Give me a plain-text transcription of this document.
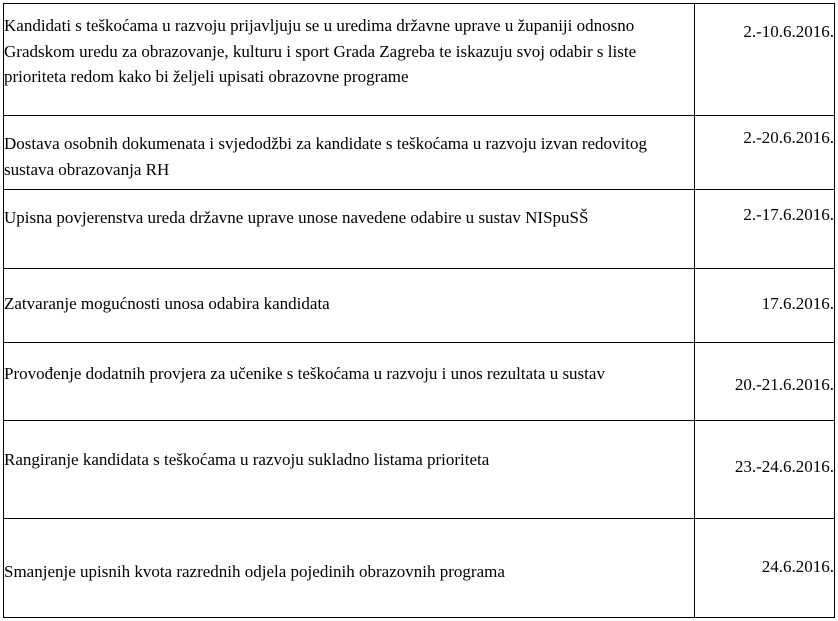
Kandidati s teškoćama u razvoju prijavljuju se u uredima državne uprave u županiji odnosno Gradskom uredu za obrazovanje, kulturu i sport Grada Zagreba te iskazuju svoj odabir s liste prioriteta redom kako bi željeli upisati obrazovne programe	2.-10.6.2016.
Dostava osobnih dokumenata i svjedodžbi za kandidate s teškoćama u razvoju izvan redovitog sustava obrazovanja RH	2.-20.6.2016.
Upisna povjerenstva ureda državne uprave unose navedene odabire u sustav NISpuSŠ	2.-17.6.2016.
Zatvaranje mogućnosti unosa odabira kandidata	17.6.2016.
Provođenje dodatnih provjera za učenike s teškoćama u razvoju i unos rezultata u sustav	20.-21.6.2016.
Rangiranje kandidata s teškoćama u razvoju sukladno listama prioriteta	23.-24.6.2016.
Smanjenje upisnih kvota razrednih odjela pojedinih obrazovnih programa	24.6.2016.
